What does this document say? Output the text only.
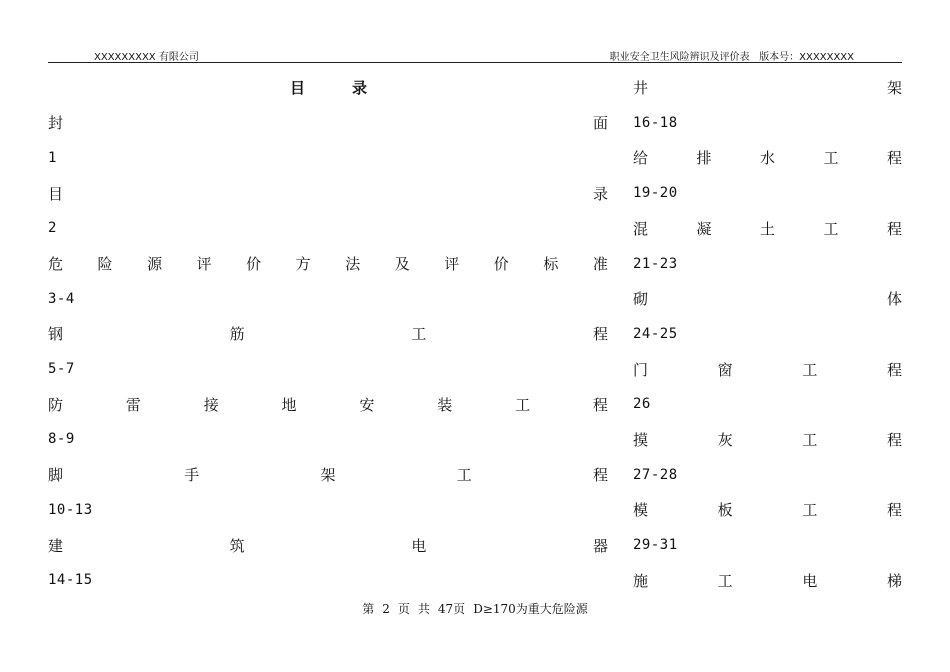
XXXXXXXXX 有限公司	职业安全卫生风险辨识及评价表 版本号：XXXXXXXX
目录
封	面
1
目	录
2
危 险 源 评 价 方 法 及 评 价 标 准
3-4
钢	筋	工	程
5-7
防	雷	接	地	安	装	工	程
8-9
脚	手	架	工	程
10-13
建	筑	电	器
14-15
井	架
16-18
给	排	水	工	程
19-20
混	凝	土	工	程
21-23
砌	体
24-25
门	窗	工	程
26
摸	灰	工	程
27-28
模	板	工	程
29-31
施	工	电	梯
第 2 页 共 47页 D≥170为重大危险源
